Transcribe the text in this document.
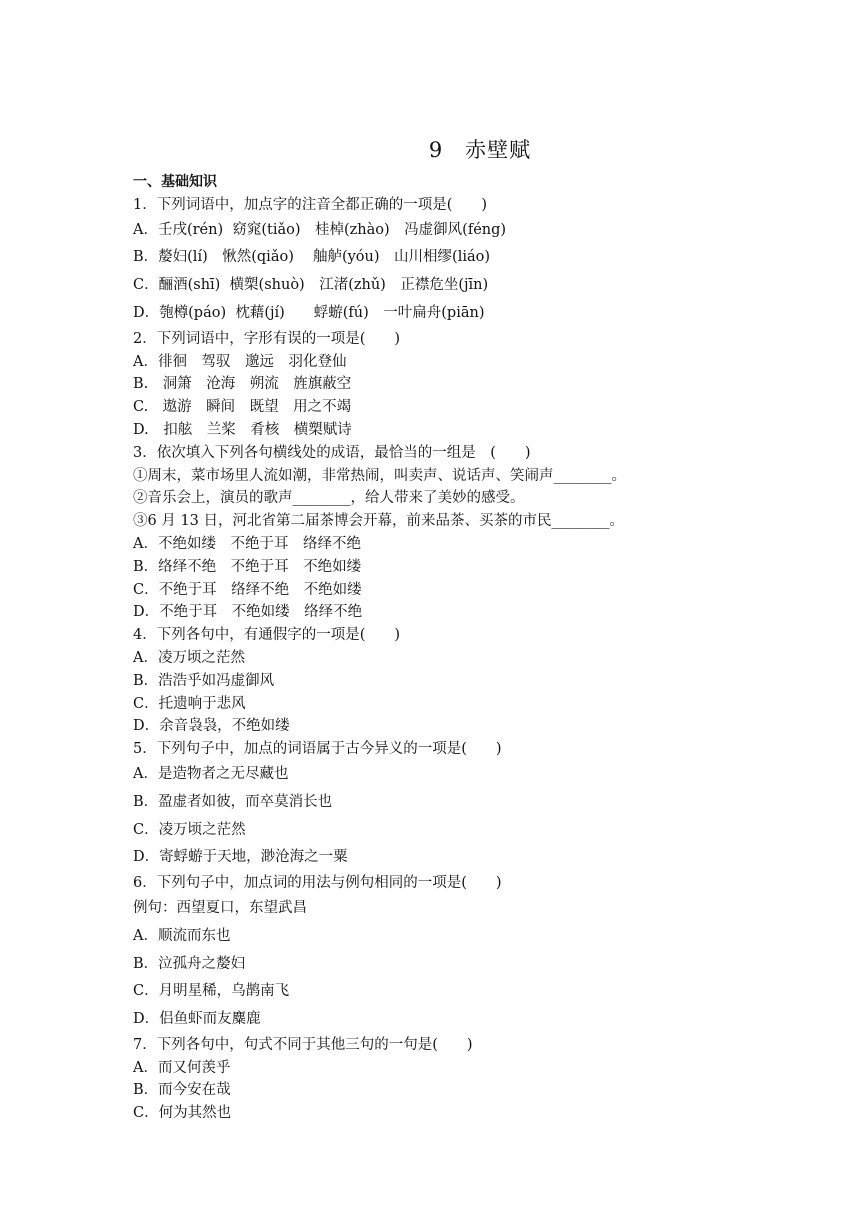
9　赤壁赋
一、基础知识
1．下列词语中，加点字的注音全都正确的一项是(　　)
A．壬戌(rén)  窈窕(tiǎo)　桂棹(zhào)　冯虚御风(féng)
B．嫠妇(lí)　愀然(qiǎo)　 舳舻(yóu)　山川相缪(liáo)
C．酾酒(shī)  横槊(shuò)　江渚(zhǔ)　正襟危坐(jīn)
D．匏樽(páo)  枕藉(jí)　　蜉蝣(fú)　一叶扁舟(piān)
2．下列词语中，字形有误的一项是(　　)
A．徘徊　驾驭　邈远　羽化登仙
B.　洞箫　沧海　朔流　旌旗蔽空
C.　遨游　瞬间　既望　用之不竭
D.　扣舷　兰桨　肴核　横槊赋诗
3．依次填入下列各句横线处的成语，最恰当的一组是　(　　)
①周末，菜市场里人流如潮，非常热闹，叫卖声、说话声、笑闹声________。
②音乐会上，演员的歌声________，给人带来了美妙的感受。
③6 月 13 日，河北省第二届茶博会开幕，前来品茶、买茶的市民________。
A．不绝如缕　不绝于耳　络绎不绝
B．络绎不绝　不绝于耳　不绝如缕
C．不绝于耳　络绎不绝　不绝如缕
D．不绝于耳　不绝如缕　络绎不绝
4．下列各句中，有通假字的一项是(　　)
A．凌万顷之茫然
B．浩浩乎如冯虚御风
C．托遗响于悲风
D．余音袅袅，不绝如缕
5．下列句子中，加点的词语属于古今异义的一项是(　　)
A．是造物者之无尽藏也
B．盈虚者如彼，而卒莫消长也
C．凌万顷之茫然
D．寄蜉蝣于天地，渺沧海之一粟
6．下列句子中，加点词的用法与例句相同的一项是(　　)
例句：西望夏口，东望武昌
A．顺流而东也
B．泣孤舟之嫠妇
C．月明星稀，乌鹊南飞
D．侣鱼虾而友麋鹿
7．下列各句中，句式不同于其他三句的一句是(　　)
A．而又何羡乎
B．而今安在哉
C．何为其然也
